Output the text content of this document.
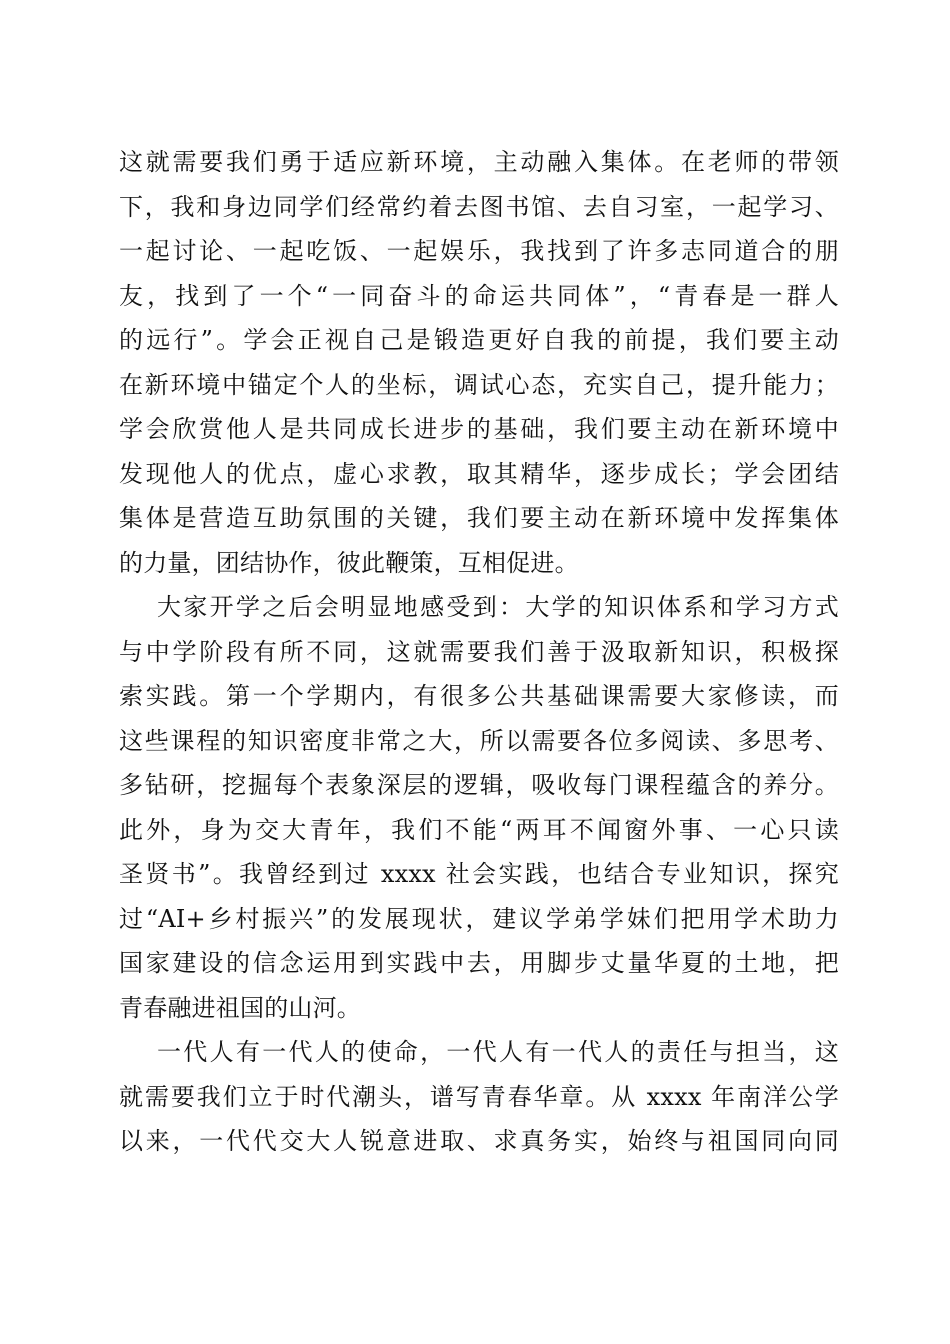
这就需要我们勇于适应新环境，主动融入集体。在老师的带领
下，我和身边同学们经常约着去图书馆、去自习室，一起学习、
一起讨论、一起吃饭、一起娱乐，我找到了许多志同道合的朋
友，找到了一个“一同奋斗的命运共同体”，“青春是一群人
的远行”。学会正视自己是锻造更好自我的前提，我们要主动
在新环境中锚定个人的坐标，调试心态，充实自己，提升能力；
学会欣赏他人是共同成长进步的基础，我们要主动在新环境中
发现他人的优点，虚心求教，取其精华，逐步成长；学会团结
集体是营造互助氛围的关键，我们要主动在新环境中发挥集体
的力量，团结协作，彼此鞭策，互相促进。
大家开学之后会明显地感受到：大学的知识体系和学习方式
与中学阶段有所不同，这就需要我们善于汲取新知识，积极探
索实践。第一个学期内，有很多公共基础课需要大家修读，而
这些课程的知识密度非常之大，所以需要各位多阅读、多思考、
多钻研，挖掘每个表象深层的逻辑，吸收每门课程蕴含的养分。
此外，身为交大青年，我们不能“两耳不闻窗外事、一心只读
圣贤书”。我曾经到过 xxxx 社会实践，也结合专业知识，探究
过“AI+乡村振兴”的发展现状，建议学弟学妹们把用学术助力
国家建设的信念运用到实践中去，用脚步丈量华夏的土地，把
青春融进祖国的山河。
一代人有一代人的使命，一代人有一代人的责任与担当，这
就需要我们立于时代潮头，谱写青春华章。从 xxxx 年南洋公学
以来，一代代交大人锐意进取、求真务实，始终与祖国同向同
